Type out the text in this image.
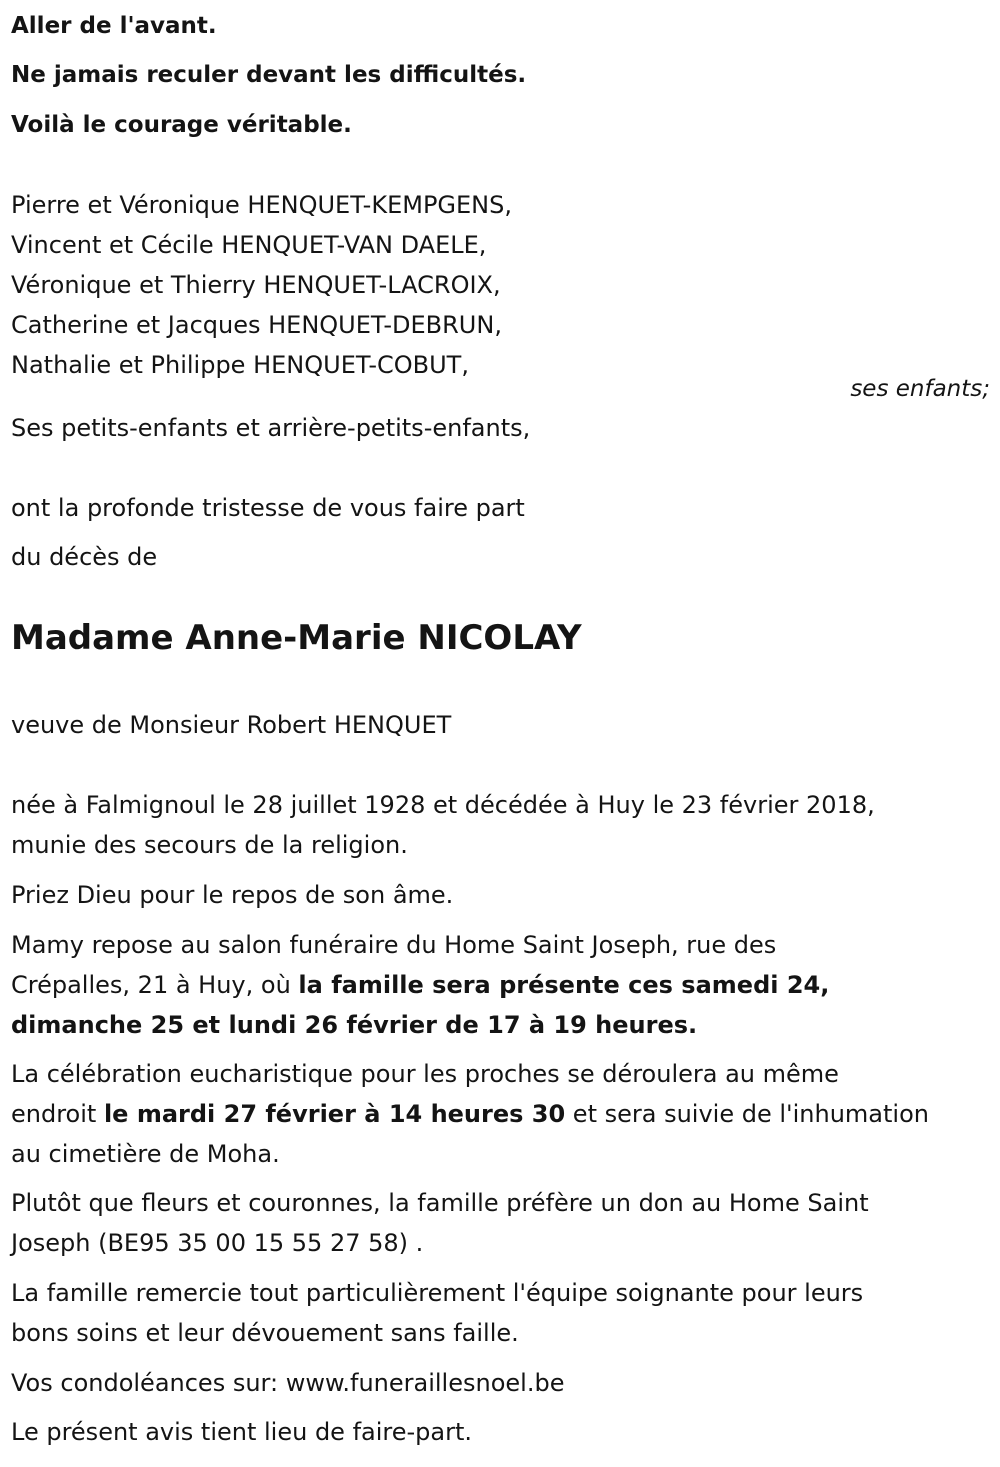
Aller de l'avant.
Ne jamais reculer devant les difficultés.
Voilà le courage véritable.
Pierre et Véronique HENQUET-KEMPGENS,
Vincent et Cécile HENQUET-VAN DAELE,
Véronique et Thierry HENQUET-LACROIX,
Catherine et Jacques HENQUET-DEBRUN,
Nathalie et Philippe HENQUET-COBUT,
ses enfants;
Ses petits-enfants et arrière-petits-enfants,
ont la profonde tristesse de vous faire part
du décès de
Madame Anne-Marie NICOLAY
veuve de Monsieur Robert HENQUET
née à Falmignoul le 28 juillet 1928 et décédée à Huy le 23 février 2018,
munie des secours de la religion.
Priez Dieu pour le repos de son âme.
Mamy repose au salon funéraire du Home Saint Joseph, rue des
Crépalles, 21 à Huy, où la famille sera présente ces samedi 24,
dimanche 25 et lundi 26 février de 17 à 19 heures.
La célébration eucharistique pour les proches se déroulera au même
endroit le mardi 27 février à 14 heures 30 et sera suivie de l'inhumation
au cimetière de Moha.
Plutôt que fleurs et couronnes, la famille préfère un don au Home Saint
Joseph (BE95 35 00 15 55 27 58) .
La famille remercie tout particulièrement l'équipe soignante pour leurs
bons soins et leur dévouement sans faille.
Vos condoléances sur: www.funeraillesnoel.be
Le présent avis tient lieu de faire-part.
